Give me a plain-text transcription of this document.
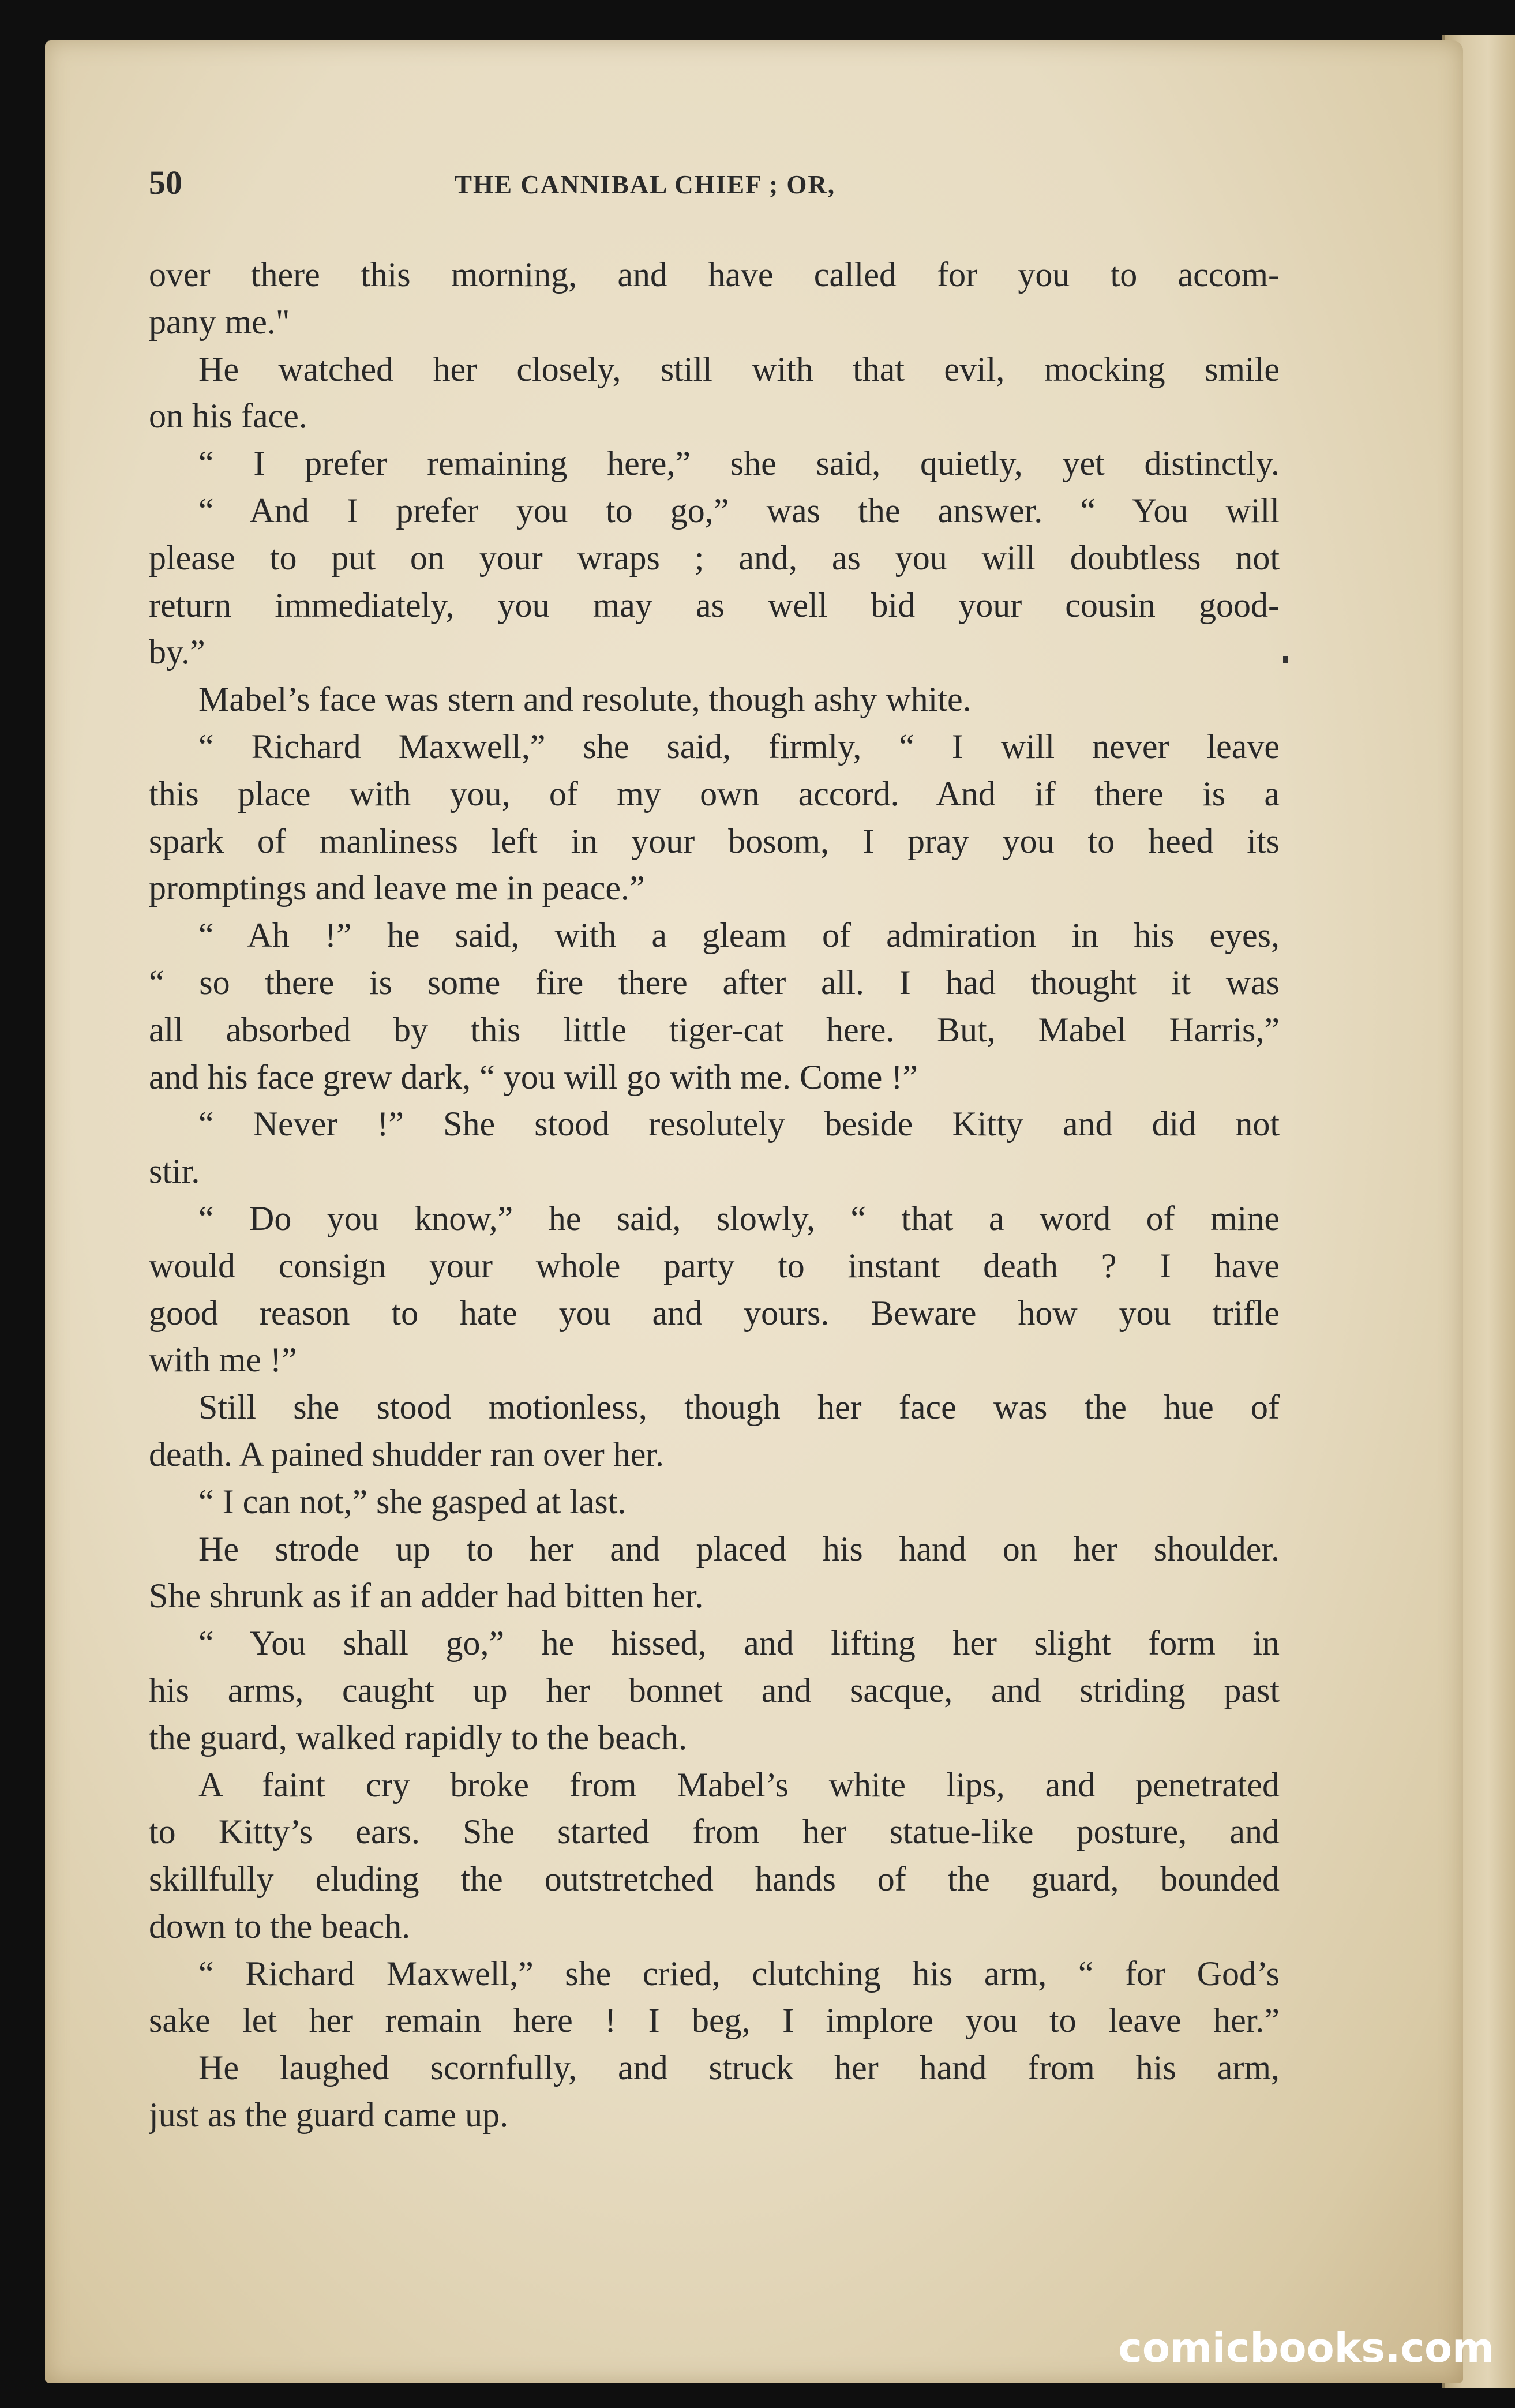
50	THE CANNIBAL CHIEF ; OR,
over there this morning, and have called for you to accom-
pany me."
He watched her closely, still with that evil, mocking smile
on his face.
“ I prefer remaining here,” she said, quietly, yet distinctly.
“ And I prefer you to go,” was the answer. “ You will
please to put on your wraps ; and, as you will doubtless not
return immediately, you may as well bid your cousin good-
by.”
Mabel’s face was stern and resolute, though ashy white.
“ Richard Maxwell,” she said, firmly, “ I will never leave
this place with you, of my own accord. And if there is a
spark of manliness left in your bosom, I pray you to heed its
promptings and leave me in peace.”
“ Ah !” he said, with a gleam of admiration in his eyes,
“ so there is some fire there after all. I had thought it was
all absorbed by this little tiger-cat here. But, Mabel Harris,”
and his face grew dark, “ you will go with me. Come !”
“ Never !” She stood resolutely beside Kitty and did not
stir.
“ Do you know,” he said, slowly, “ that a word of mine
would consign your whole party to instant death ? I have
good reason to hate you and yours. Beware how you trifle
with me !”
Still she stood motionless, though her face was the hue of
death. A pained shudder ran over her.
“ I can not,” she gasped at last.
He strode up to her and placed his hand on her shoulder.
She shrunk as if an adder had bitten her.
“ You shall go,” he hissed, and lifting her slight form in
his arms, caught up her bonnet and sacque, and striding past
the guard, walked rapidly to the beach.
A faint cry broke from Mabel’s white lips, and penetrated
to Kitty’s ears. She started from her statue-like posture, and
skillfully eluding the outstretched hands of the guard, bounded
down to the beach.
“ Richard Maxwell,” she cried, clutching his arm, “ for God’s
sake let her remain here ! I beg, I implore you to leave her.”
He laughed scornfully, and struck her hand from his arm,
just as the guard came up.
comicbooks.com
